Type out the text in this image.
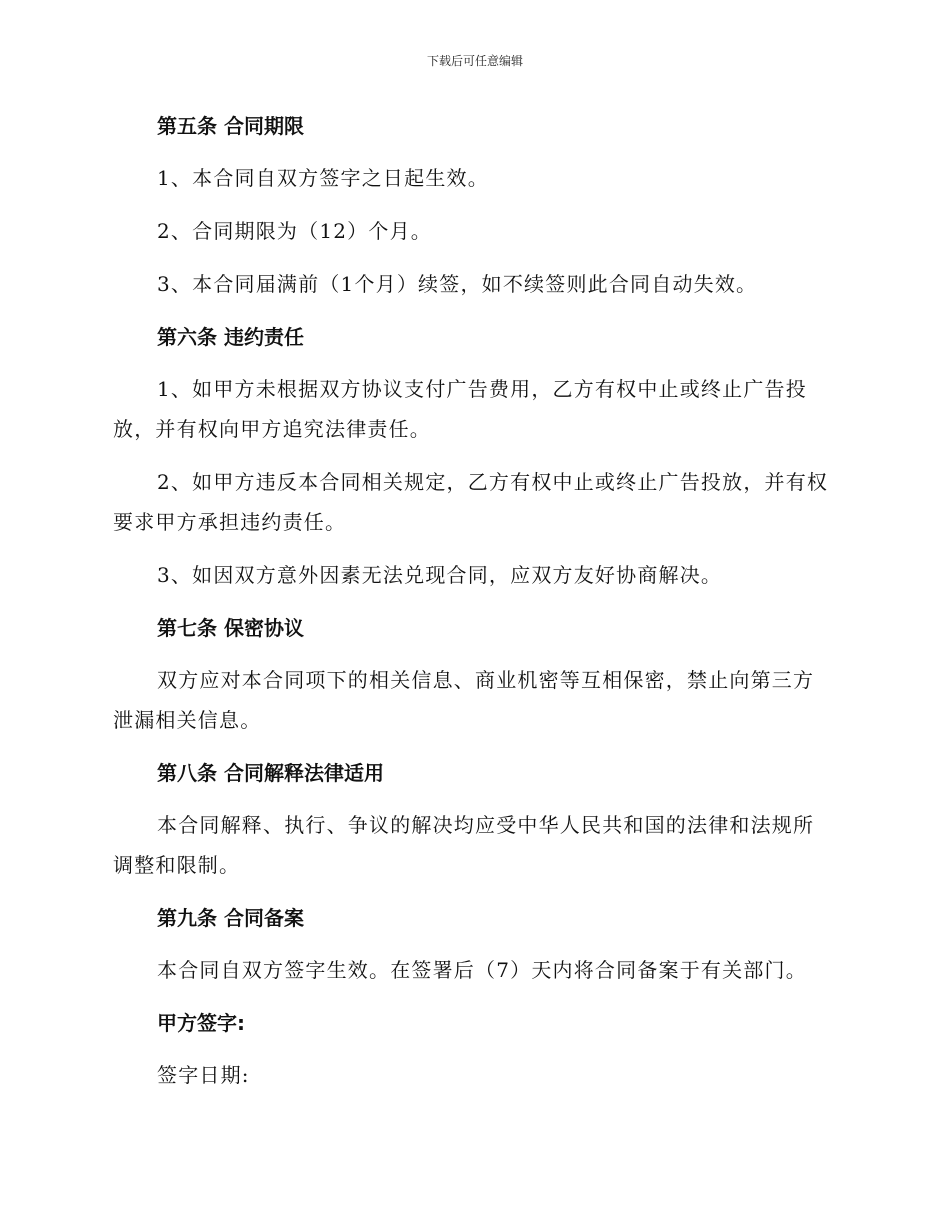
下载后可任意编辑
第五条 合同期限
1、本合同自双方签字之日起生效。
2、合同期限为（12）个月。
3、本合同届满前（1个月）续签，如不续签则此合同自动失效。
第六条 违约责任
1、如甲方未根据双方协议支付广告费用，乙方有权中止或终止广告投放，并有权向甲方追究法律责任。
2、如甲方违反本合同相关规定，乙方有权中止或终止广告投放，并有权要求甲方承担违约责任。
3、如因双方意外因素无法兑现合同，应双方友好协商解决。
第七条 保密协议
双方应对本合同项下的相关信息、商业机密等互相保密，禁止向第三方泄漏相关信息。
第八条 合同解释法律适用
本合同解释、执行、争议的解决均应受中华人民共和国的法律和法规所调整和限制。
第九条 合同备案
本合同自双方签字生效。在签署后（7）天内将合同备案于有关部门。
甲方签字:
签字日期:
